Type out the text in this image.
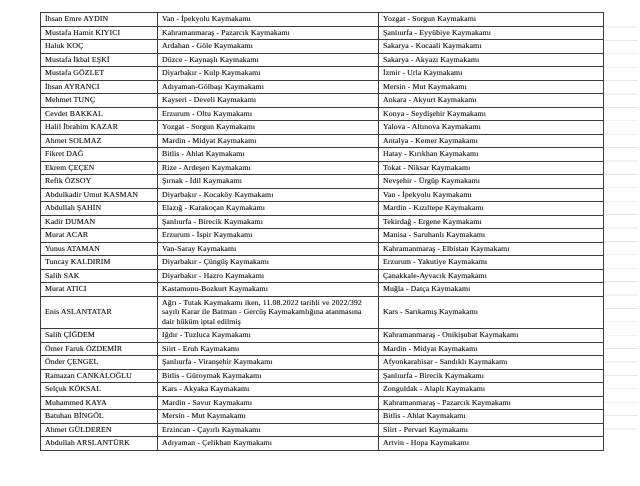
İhsan Emre AYDIN	Van - İpekyolu Kaymakamı	Yozgat - Sorgun Kaymakamı
Mustafa Hamit KIYICI	Kahramanmaraş - Pazarcık Kaymakamı	Şanlıurfa - Eyyübiye Kaymakamı
Haluk KOÇ	Ardahan - Göle Kaymakamı	Sakarya - Kocaali Kaymakamı
Mustafa İkbal EŞKİ	Düzce - Kaynaşlı Kaymakamı	Sakarya - Akyazı Kaymakamı
Mustafa GÖZLET	Diyarbakır - Kulp Kaymakamı	İzmir - Urla Kaymakamı
İhsan AYRANCI	Adıyaman-Gölbaşı Kaymakamı	Mersin - Mut Kaymakamı
Mehmet TUNÇ	Kayseri - Develi Kaymakamı	Ankara - Akyurt Kaymakamı
Cevdet BAKKAL	Erzurum - Oltu Kaymakamı	Konya - Seydişehir Kaymakamı
Halil İbrahim KAZAR	Yozgat - Sorgun Kaymakamı	Yalova - Altınova Kaymakamı
Ahmet SOLMAZ	Mardin - Midyat Kaymakamı	Antalya - Kemer Kaymakamı
Fikret DAĞ	Bitlis - Ahlat Kaymakamı	Hatay - Kırıkhan Kaymakamı
Ekrem ÇEÇEN	Rize - Ardeşen Kaymakamı	Tokat - Niksar Kaymakamı
Refik ÖZSOY	Şırnak - İdil Kaymakamı	Nevşehir - Ürgüp Kaymakamı
Abdulkadir Umut KASMAN	Diyarbakır - Kocaköy Kaymakamı	Van - İpekyolu Kaymakamı
Abdullah ŞAHİN	Elazığ - Karakoçan Kaymakamı	Mardin - Kızıltepe Kaymakamı
Kadir DUMAN	Şanlıurfa - Birecik Kaymakamı	Tekirdağ - Ergene Kaymakamı
Murat ACAR	Erzurum - İspir Kaymakamı	Manisa - Saruhanlı Kaymakamı
Yunus ATAMAN	Van-Saray Kaymakamı	Kahramanmaraş - Elbistan Kaymakamı
Tuncay KALDIRIM	Diyarbakır - Çüngüş Kaymakamı	Erzurum - Yakutiye Kaymakamı
Salih SAK	Diyarbakır - Hazro Kaymakamı	Çanakkale-Ayvacık Kaymakamı
Murat ATICI	Kastamonu-Bozkurt Kaymakamı	Muğla - Datça Kaymakamı
Enis ASLANTATAR	Ağrı - Tutak Kaymakamı iken, 11.08.2022 tarihli ve 2022/392 sayılı Karar ile Batman - Gercüş Kaymakamlığına atanmasına dair hüküm iptal edilmiş	Kars - Sarıkamış Kaymakamı
Salih ÇİĞDEM	Iğdır - Tuzluca Kaymakamı	Kahramanmaraş - Onikişubat Kaymakamı
Ömer Faruk ÖZDEMİR	Siirt - Eruh Kaymakamı	Mardin - Midyat Kaymakamı
Önder ÇENGEL	Şanlıurfa - Viranşehir Kaymakamı	Afyonkarahisar - Sandıklı Kaymakamı
Ramazan CANKALOĞLU	Bitlis - Güroymak Kaymakamı	Şanlıurfa - Birecik Kaymakamı
Selçuk KÖKSAL	Kars - Akyaka Kaymakamı	Zonguldak - Alaplı Kaymakamı
Muhammed KAYA	Mardin - Savur Kaymakamı	Kahramanmaraş - Pazarcık Kaymakamı
Batuhan BİNGÖL	Mersin - Mut Kaymakamı	Bitlis - Ahlat Kaymakamı
Ahmet GÜLDEREN	Erzincan - Çayırlı Kaymakamı	Siirt - Pervari Kaymakamı
Abdullah ARSLANTÜRK	Adıyaman - Çelikhan Kaymakamı	Artvin - Hopa Kaymakamı
